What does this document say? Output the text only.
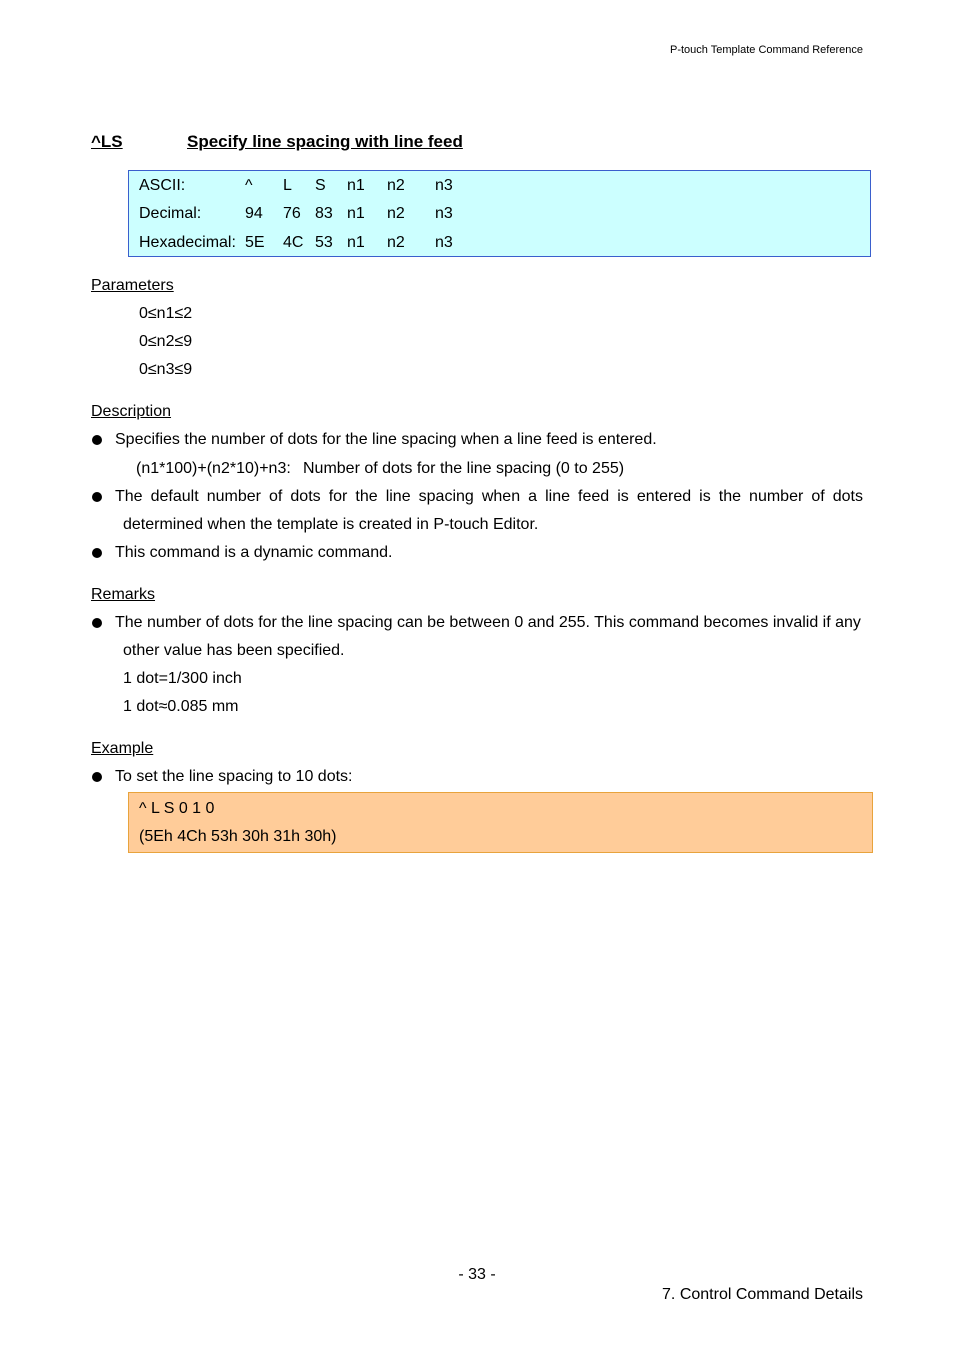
P-touch Template Command Reference
^LS	Specify line spacing with line feed
ASCII:	^ L S n1 n2 n3
Decimal:	94 76 83 n1 n2 n3
Hexadecimal: 5E 4C 53 n1 n2 n3
Parameters
0≤n1≤2
0≤n2≤9
0≤n3≤9
Description
Specifies the number of dots for the line spacing when a line feed is entered.
(n1*100)+(n2*10)+n3: Number of dots for the line spacing (0 to 255)
The default number of dots for the line spacing when a line feed is entered is the number of dots
determined when the template is created in P-touch Editor.
This command is a dynamic command.
Remarks
The number of dots for the line spacing can be between 0 and 255. This command becomes invalid if any
other value has been specified.
1 dot=1/300 inch
1 dot≈0.085 mm
Example
To set the line spacing to 10 dots:
^ L S 0 1 0
(5Eh 4Ch 53h 30h 31h 30h)
- 33 -
7. Control Command Details
